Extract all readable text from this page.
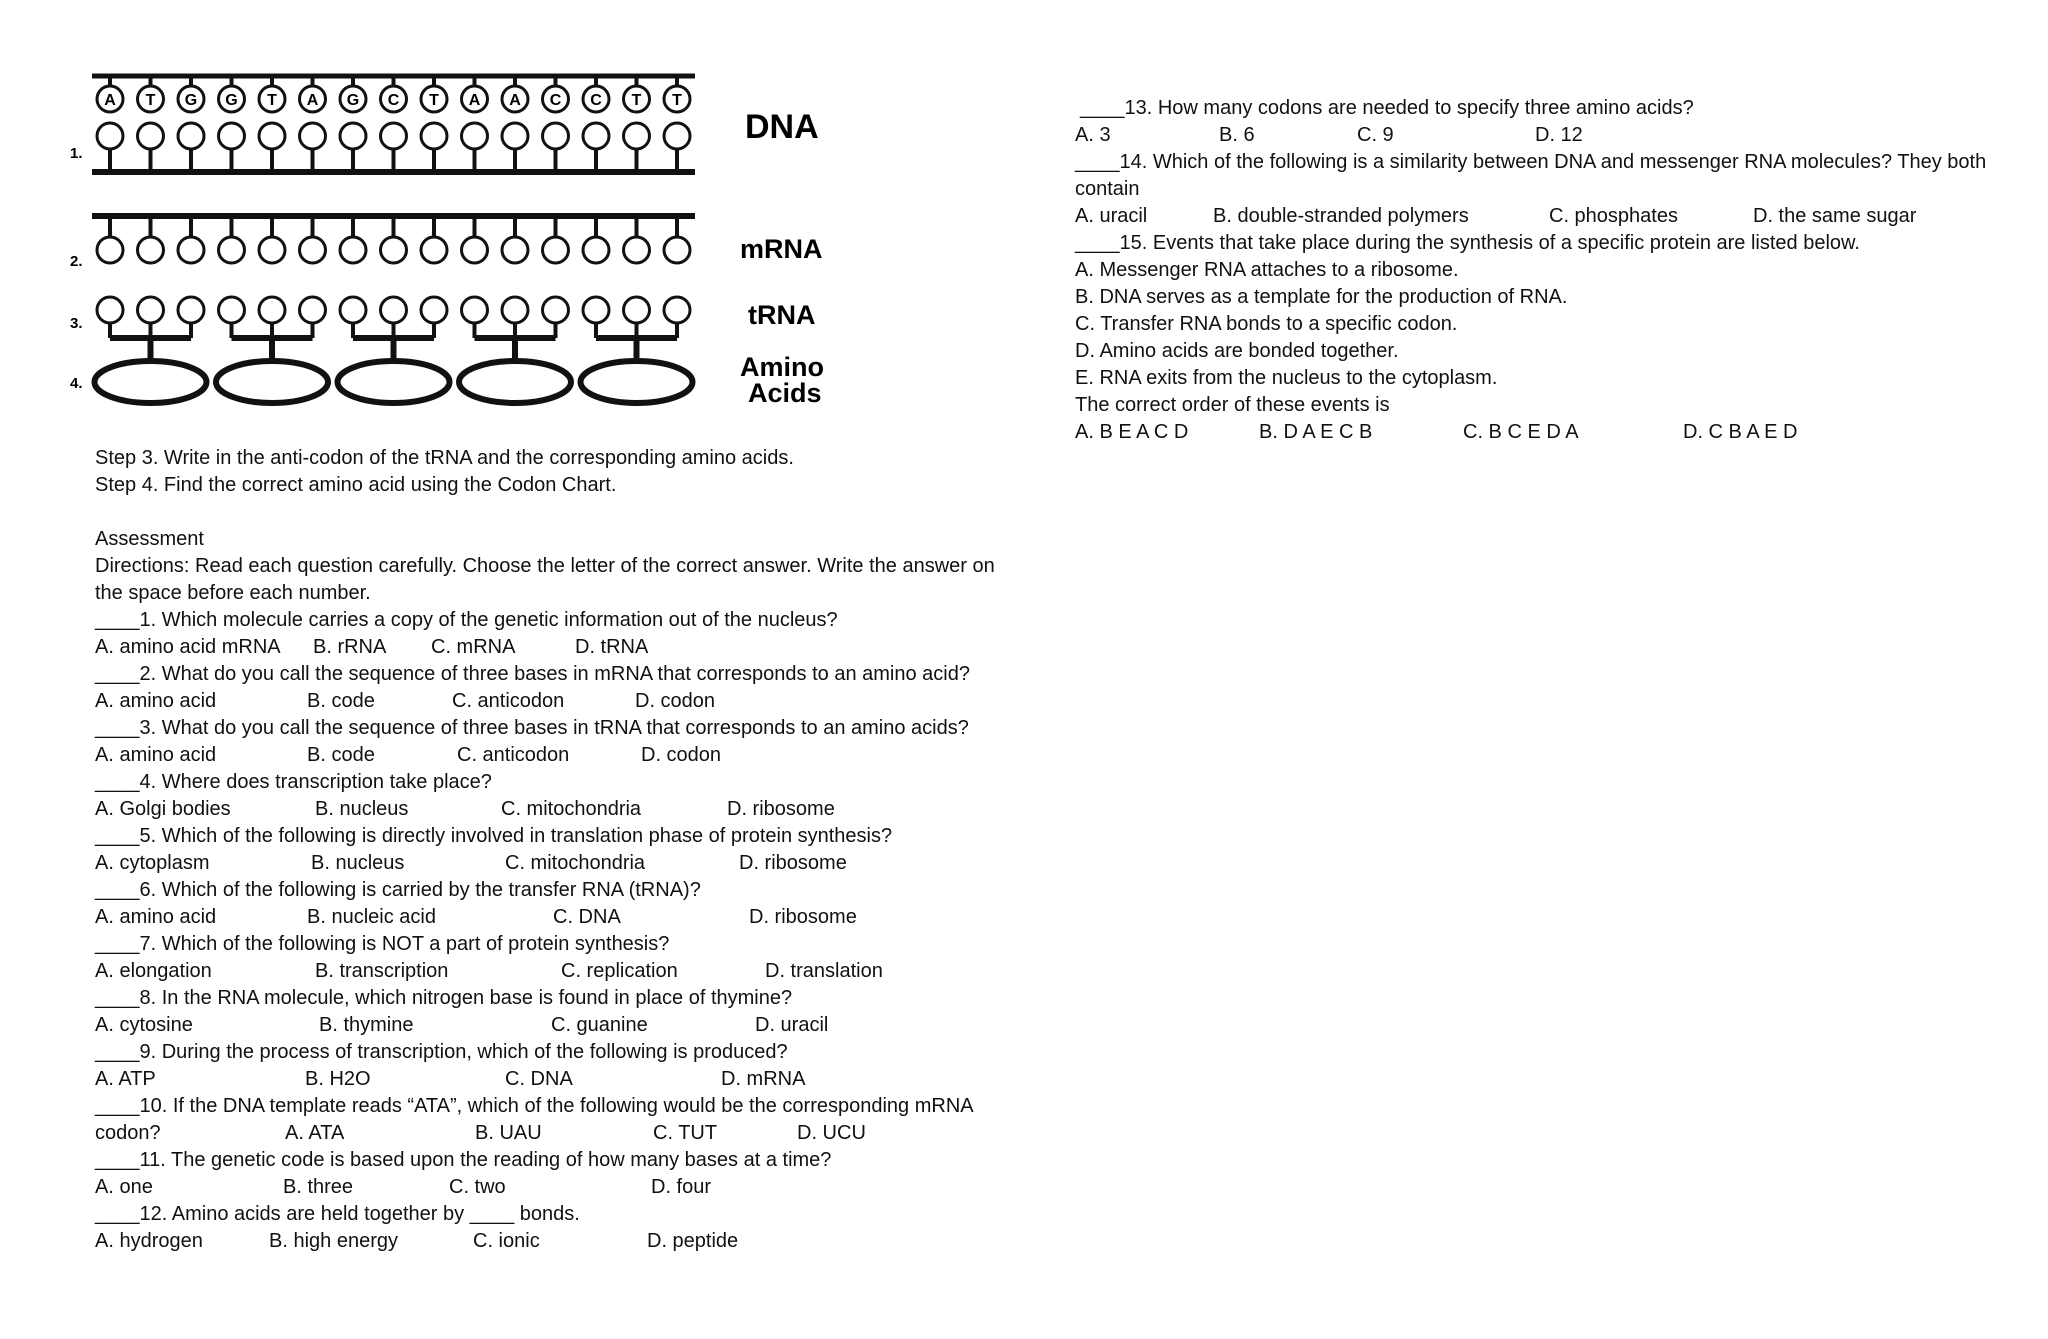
A T G G T A G C T A A C C T T
1.
2.
3.
4.
DNA
mRNA
tRNA
Amino
Acids
Step 3. Write in the anti-codon of the tRNA and the corresponding amino acids.
Step 4. Find the correct amino acid using the Codon Chart.
Assessment
Directions: Read each question carefully. Choose the letter of the correct answer. Write the answer on the space before each number.
____1. Which molecule carries a copy of the genetic information out of the nucleus?
A. amino acid mRNA B. rRNA C. mRNA	D. tRNA
____2. What do you call the sequence of three bases in mRNA that corresponds to an amino acid?
A. amino acid	B. code	C. anticodon	D. codon
____3. What do you call the sequence of three bases in tRNA that corresponds to an amino acids?
A. amino acid	B. code	C. anticodon	D. codon
____4. Where does transcription take place?
A. Golgi bodies	B. nucleus	C. mitochondria	D. ribosome
____5. Which of the following is directly involved in translation phase of protein synthesis?
A. cytoplasm	B. nucleus	C. mitochondria	D. ribosome
____6. Which of the following is carried by the transfer RNA (tRNA)?
A. amino acid	B. nucleic acid	C. DNA	D. ribosome
____7. Which of the following is NOT a part of protein synthesis?
A. elongation	B. transcription	C. replication	D. translation
____8. In the RNA molecule, which nitrogen base is found in place of thymine?
A. cytosine	B. thymine	C. guanine	D. uracil
____9. During the process of transcription, which of the following is produced?
A. ATP	B. H2O	C. DNA	D. mRNA
____10. If the DNA template reads “ATA”, which of the following would be the corresponding mRNA
codon?	A. ATA	B. UAU	C. TUT	D. UCU
____11. The genetic code is based upon the reading of how many bases at a time?
A. one	B. three	C. two	D. four
____12. Amino acids are held together by ____ bonds.
A. hydrogen	B. high energy	C. ionic	D. peptide
____13. How many codons are needed to specify three amino acids?
A. 3	B. 6	C. 9	D. 12
____14. Which of the following is a similarity between DNA and messenger RNA molecules? They both
contain
A. uracil	B. double-stranded polymers	C. phosphates	D. the same sugar
____15. Events that take place during the synthesis of a specific protein are listed below.
A. Messenger RNA attaches to a ribosome.
B. DNA serves as a template for the production of RNA.
C. Transfer RNA bonds to a specific codon.
D. Amino acids are bonded together.
E. RNA exits from the nucleus to the cytoplasm.
The correct order of these events is
A. B E A C D	B. D A E C B	C. B C E D A	D. C B A E D
